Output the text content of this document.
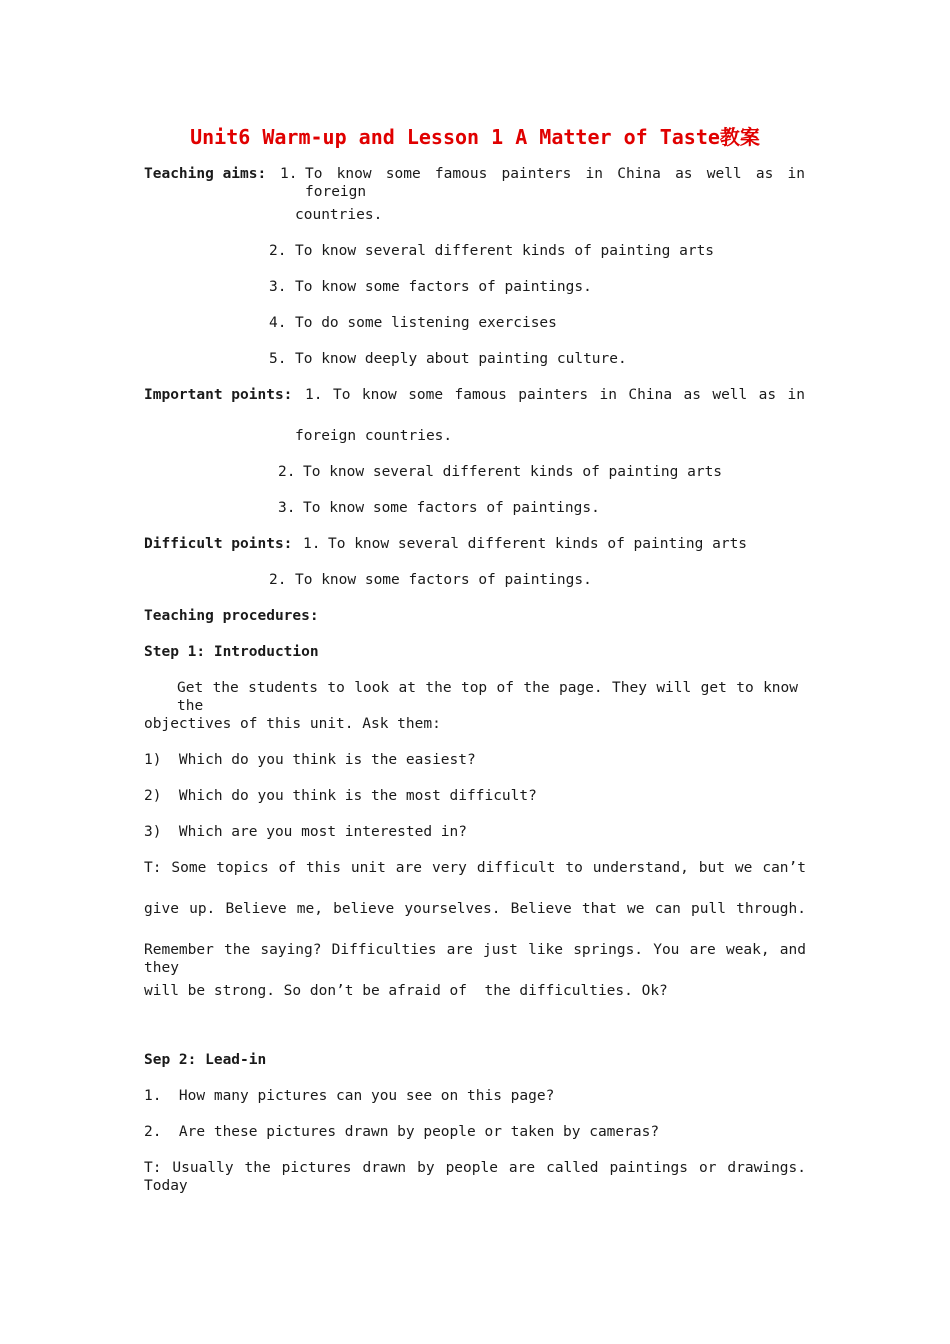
Unit6 Warm-up and Lesson 1 A Matter of Taste教案
Teaching aims: 1. To know some famous painters in China as well as in foreign
countries.
2. To know several different kinds of painting arts
3. To know some factors of paintings.
4. To do some listening exercises
5. To know deeply about painting culture.
Important points: 1. To know some famous painters in China as well as in
foreign countries.
2. To know several different kinds of painting arts
3. To know some factors of paintings.
Difficult points: 1. To know several different kinds of painting arts
2. To know some factors of paintings.
Teaching procedures:
Step 1: Introduction
Get the students to look at the top of the page. They will get to know the
objectives of this unit. Ask them:
1)  Which do you think is the easiest?
2)  Which do you think is the most difficult?
3)  Which are you most interested in?
T: Some topics of this unit are very difficult to understand, but we can’t
give up. Believe me, believe yourselves. Believe that we can pull through.
Remember the saying? Difficulties are just like springs. You are weak, and they
will be strong. So don’t be afraid of  the difficulties. Ok?
Sep 2: Lead-in
1.  How many pictures can you see on this page?
2.  Are these pictures drawn by people or taken by cameras?
T: Usually the pictures drawn by people are called paintings or drawings. Today
